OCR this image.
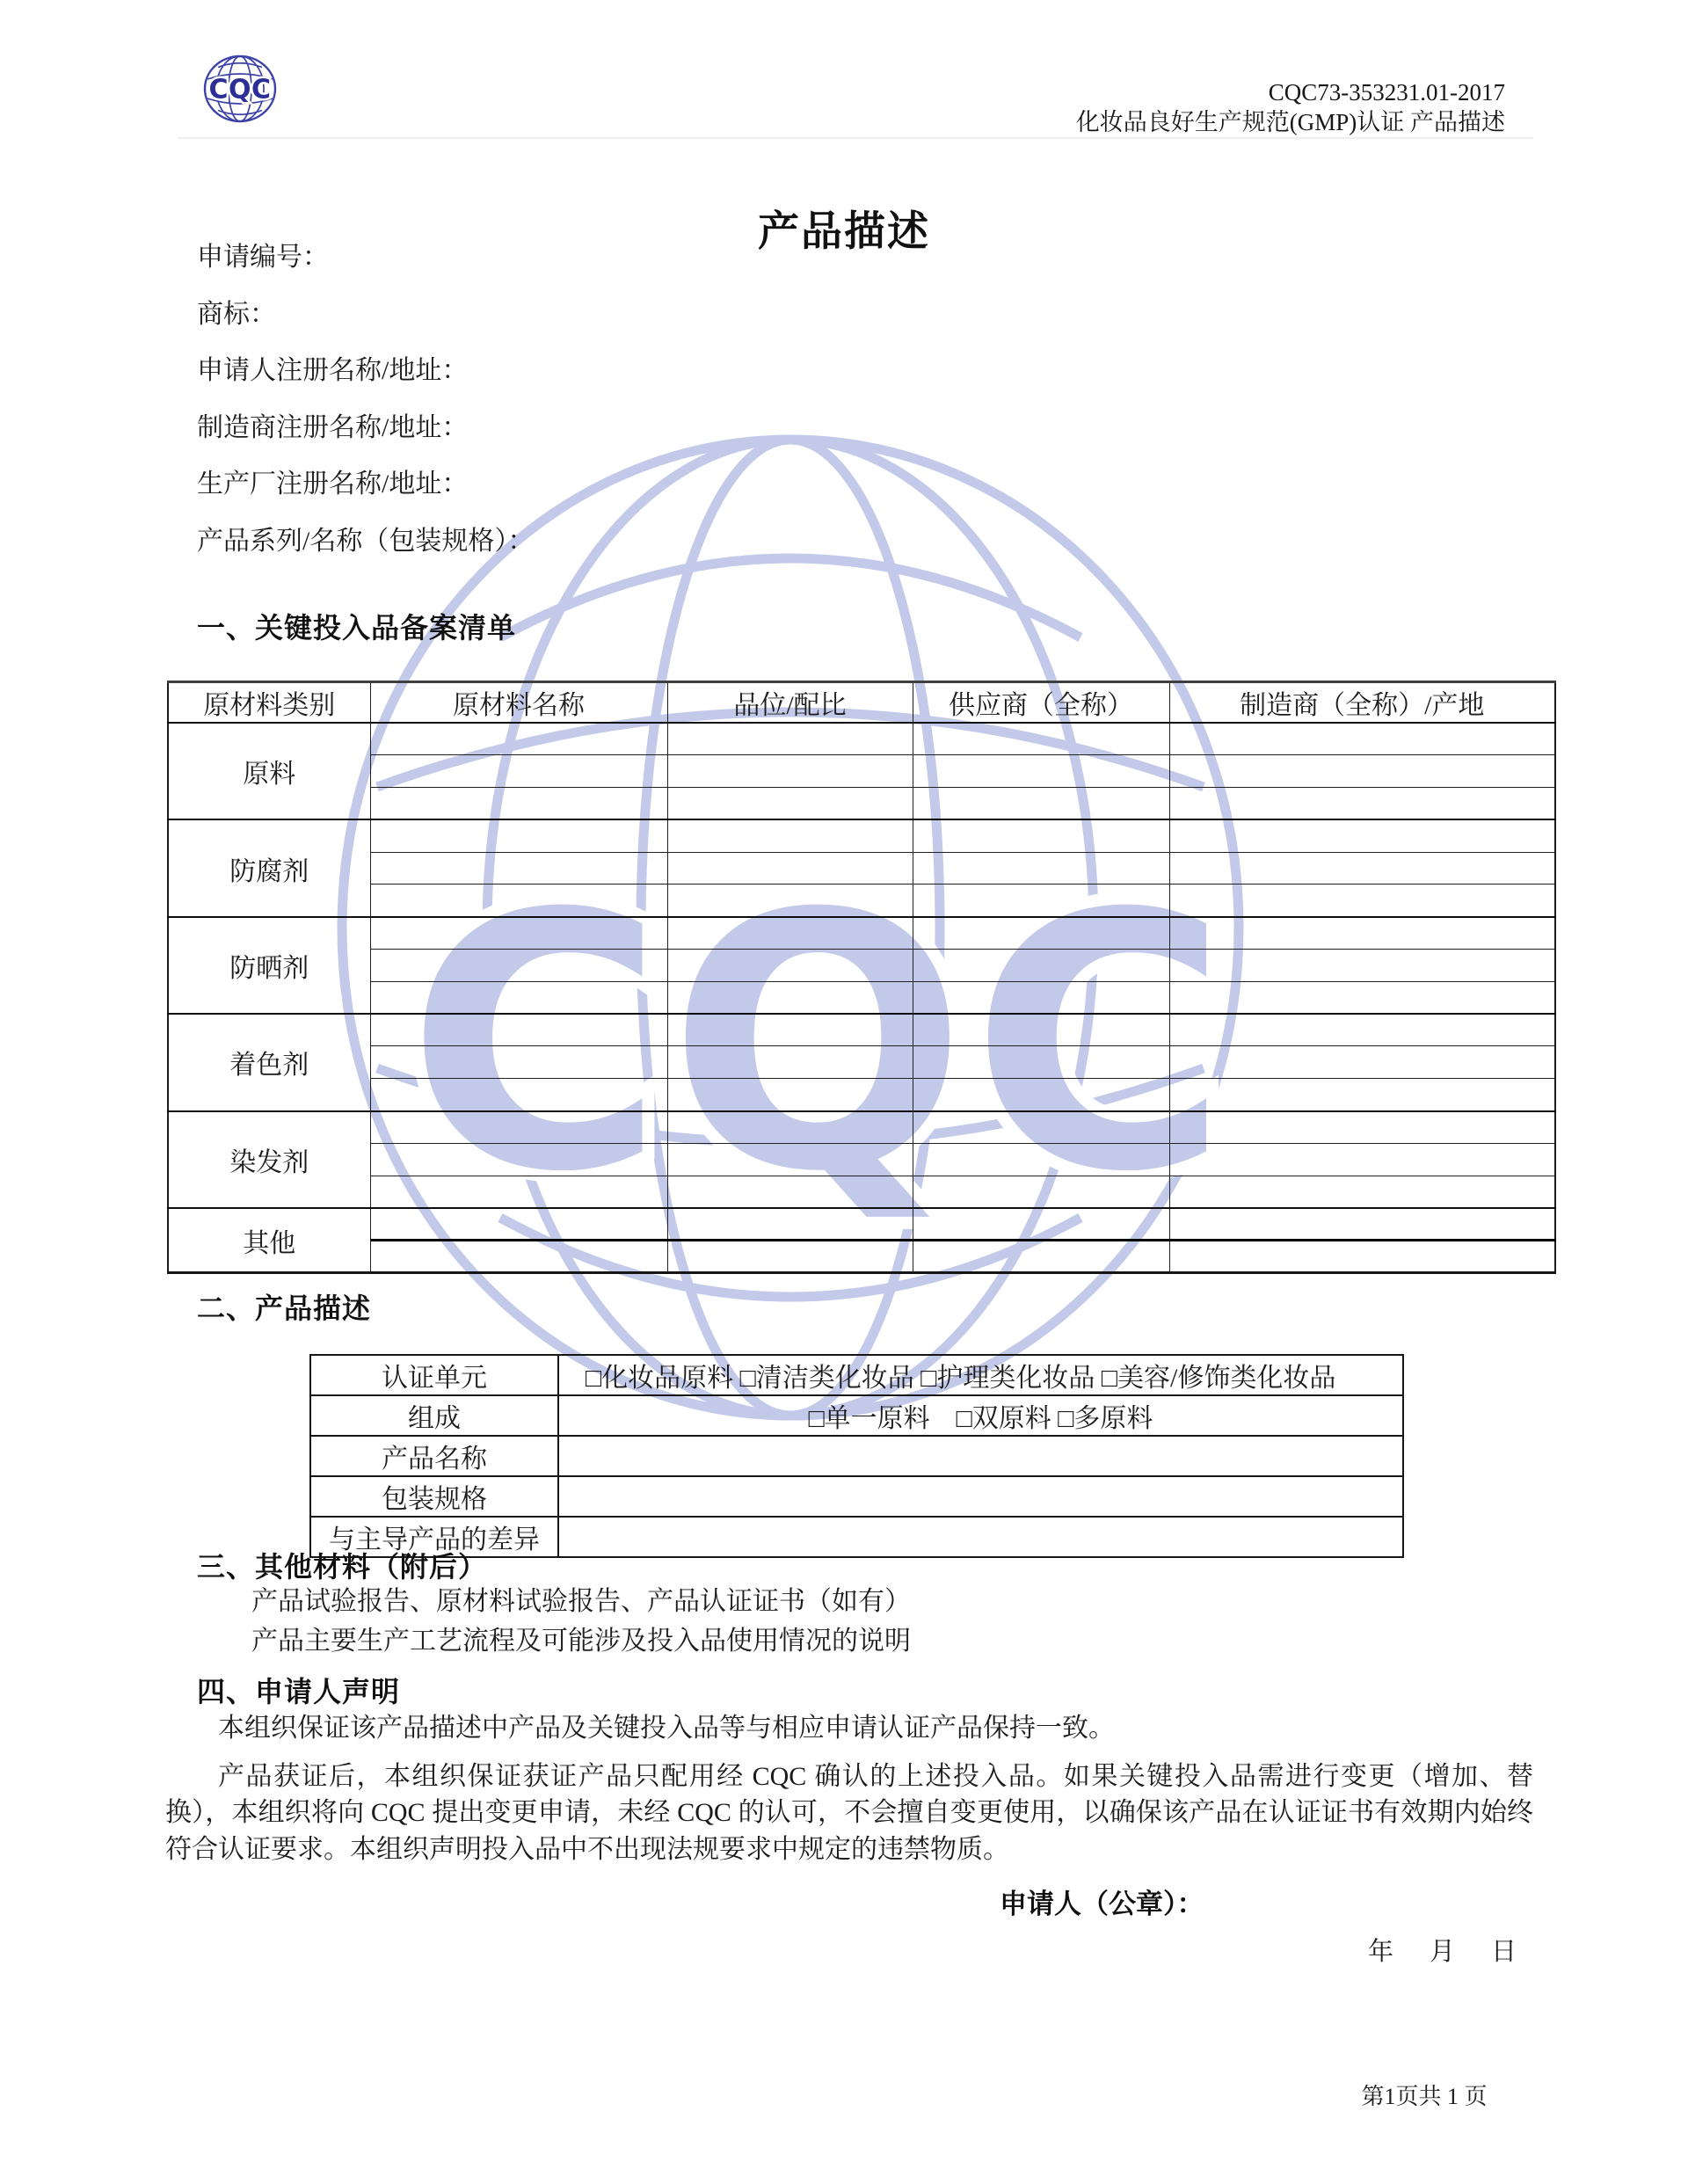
CQC
CQC	CQC73-353231.01-2017
化妆品良好生产规范(GMP)认证 产品描述
产品描述
申请编号：
商标：
申请人注册名称/地址：
制造商注册名称/地址：
生产厂注册名称/地址：
产品系列/名称（包装规格）：
一、关键投入品备案清单
原材料类别	原材料名称	品位/配比	供应商（全称）	制造商（全称）/产地
原料				

防腐剂				

防晒剂				

着色剂				

染发剂				

其他				

二、产品描述
认证单元	□化妆品原料 □清洁类化妆品 □护理类化妆品 □美容/修饰类化妆品
组成	□单一原料　□双原料 □多原料
产品名称	
包装规格	
与主导产品的差异	
三、其他材料（附后）
产品试验报告、原材料试验报告、产品认证证书（如有）
产品主要生产工艺流程及可能涉及投入品使用情况的说明
四、申请人声明

本组织保证该产品描述中产品及关键投入品等与相应申请认证产品保持一致。

产品获证后，本组织保证获证产品只配用经 CQC 确认的上述投入品。如果关键投入品需进行变更（增加、替换），本组织将向 CQC 提出变更申请，未经 CQC 的认可，不会擅自变更使用，以确保该产品在认证证书有效期内始终符合认证要求。本组织声明投入品中不出现法规要求中规定的违禁物质。

申请人（公章）：
年　月　日
第1页共 1 页
